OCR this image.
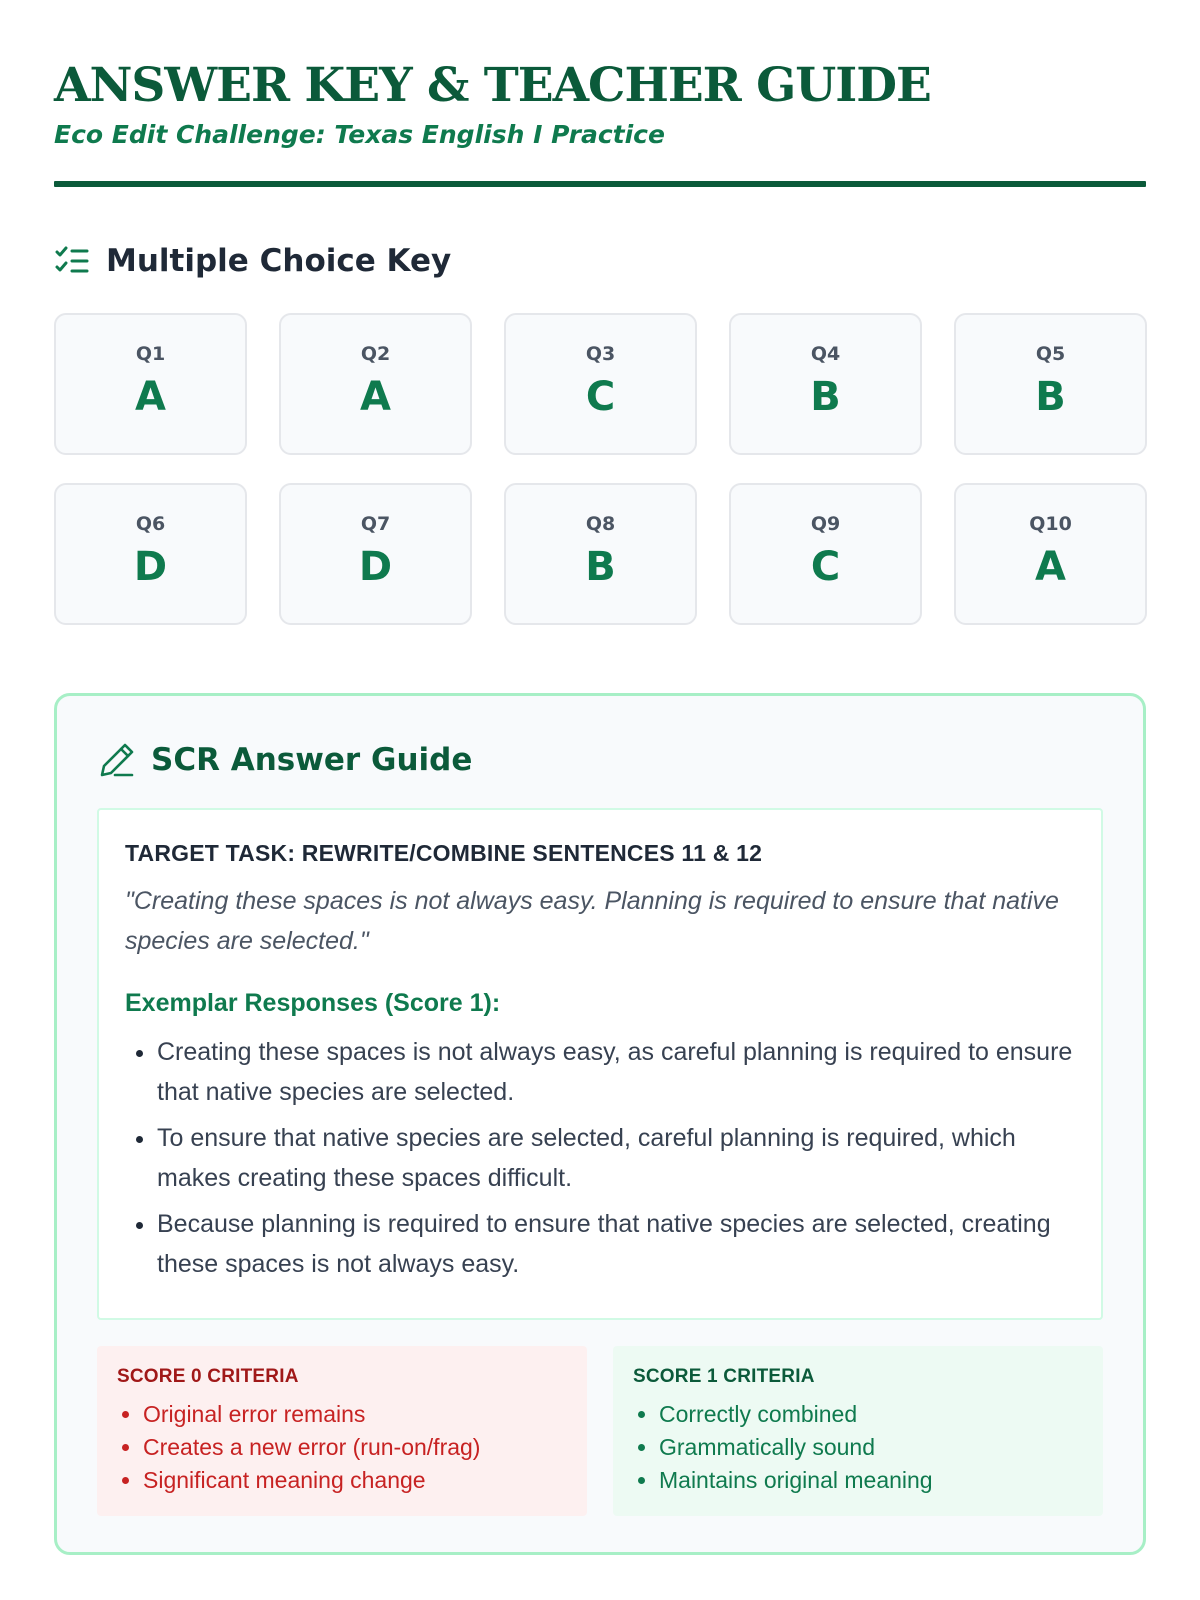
ANSWER KEY & TEACHER GUIDE
Eco Edit Challenge: Texas English I Practice
Multiple Choice Key
Q1
A
Q2
A
Q3
C
Q4
B
Q5
B
Q6
D
Q7
D
Q8
B
Q9
C
Q10
A
SCR Answer Guide
TARGET TASK: REWRITE/COMBINE SENTENCES 11 & 12
"Creating these spaces is not always easy. Planning is required to ensure that native species are selected."
Exemplar Responses (Score 1):
• Creating these spaces is not always easy, as careful planning is required to ensure that native species are selected.
• To ensure that native species are selected, careful planning is required, which makes creating these spaces difficult.
• Because planning is required to ensure that native species are selected, creating these spaces is not always easy.
SCORE 0 CRITERIA
• Original error remains
• Creates a new error (run-on/frag)
• Significant meaning change
SCORE 1 CRITERIA
• Correctly combined
• Grammatically sound
• Maintains original meaning
